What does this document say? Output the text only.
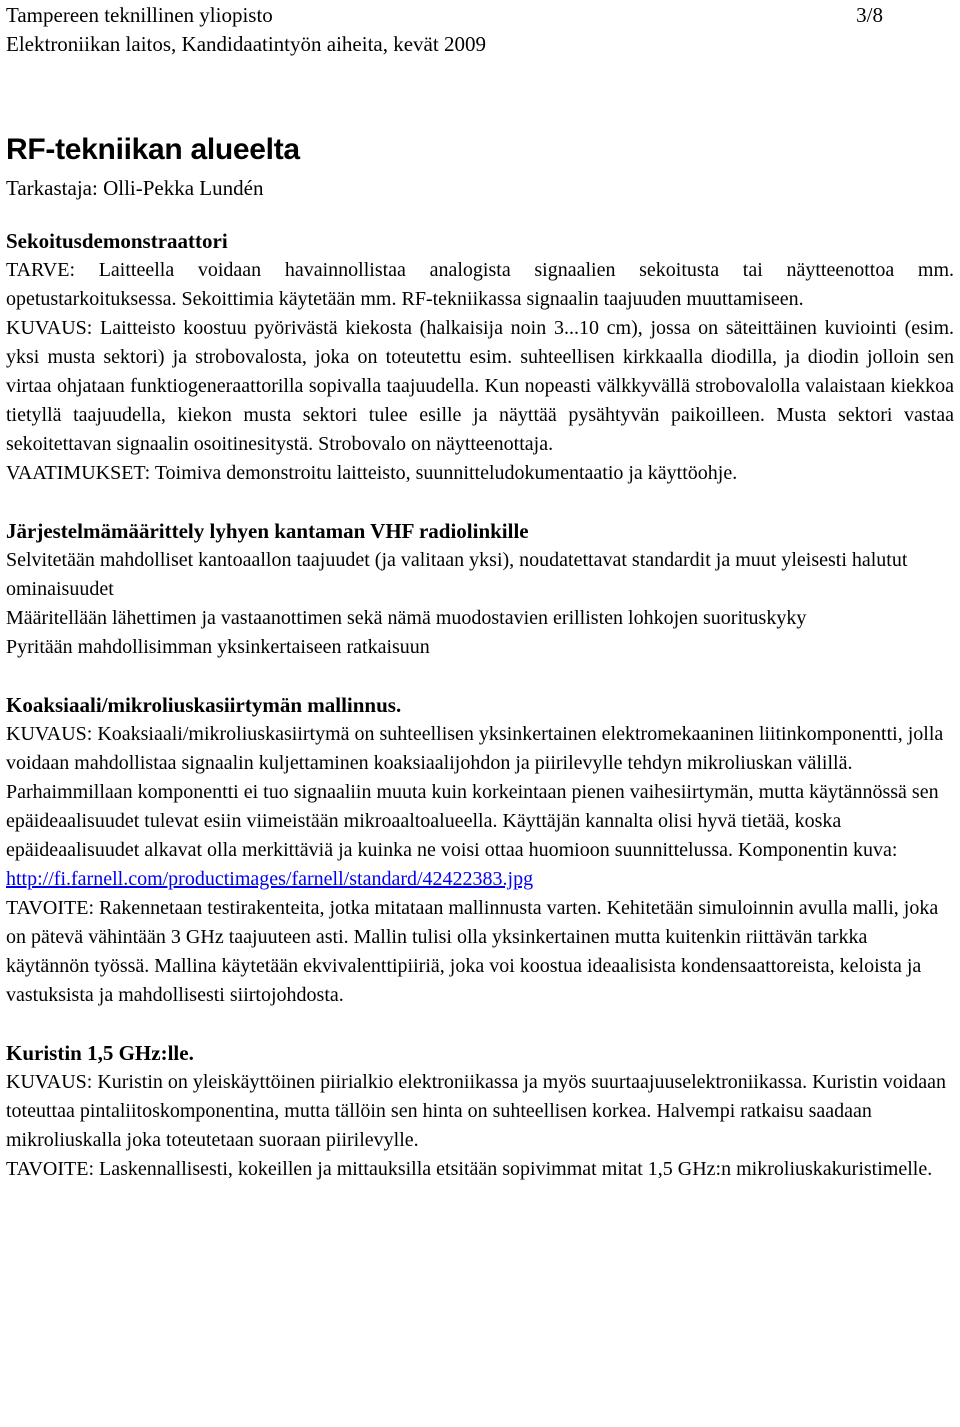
Tampereen teknillinen yliopisto
Elektroniikan laitos, Kandidaatintyön aiheita, kevät 2009
3/8
RF-tekniikan alueelta
Tarkastaja: Olli-Pekka Lundén
Sekoitusdemonstraattori
TARVE: Laitteella voidaan havainnollistaa analogista signaalien sekoitusta tai näytteenottoa mm. opetustarkoituksessa. Sekoittimia käytetään mm. RF-tekniikassa signaalin taajuuden muuttamiseen.
KUVAUS: Laitteisto koostuu pyörivästä kiekosta (halkaisija noin 3...10 cm), jossa on säteittäinen kuviointi (esim. yksi musta sektori) ja strobovalosta, joka on toteutettu esim. suhteellisen kirkkaalla diodilla, ja diodin jolloin sen virtaa ohjataan funktiogeneraattorilla sopivalla taajuudella. Kun nopeasti välkkyvällä strobovalolla valaistaan kiekkoa tietyllä taajuudella, kiekon musta sektori tulee esille ja näyttää pysähtyvän paikoilleen. Musta sektori vastaa sekoitettavan signaalin osoitinesitystä. Strobovalo on näytteenottaja.
VAATIMUKSET: Toimiva demonstroitu laitteisto, suunnitteludokumentaatio ja käyttöohje.
Järjestelmämäärittely lyhyen kantaman VHF radiolinkille
Selvitetään mahdolliset kantoaallon taajuudet (ja valitaan yksi), noudatettavat standardit ja muut yleisesti halutut ominaisuudet
Määritellään lähettimen ja vastaanottimen sekä nämä muodostavien erillisten lohkojen suorituskyky
Pyritään mahdollisimman yksinkertaiseen ratkaisuun
Koaksiaali/mikroliuskasiirtymän mallinnus.
KUVAUS: Koaksiaali/mikroliuskasiirtymä on suhteellisen yksinkertainen elektromekaaninen liitinkomponentti, jolla voidaan mahdollistaa signaalin kuljettaminen koaksiaalijohdon ja piirilevylle tehdyn mikroliuskan välillä. Parhaimmillaan komponentti ei tuo signaaliin muuta kuin korkeintaan pienen vaihesiirtymän, mutta käytännössä sen epäideaalisuudet tulevat esiin viimeistään mikroaaltoalueella. Käyttäjän kannalta olisi hyvä tietää, koska epäideaalisuudet alkavat olla merkittäviä ja kuinka ne voisi ottaa huomioon suunnittelussa. Komponentin kuva:
http://fi.farnell.com/productimages/farnell/standard/42422383.jpg
TAVOITE: Rakennetaan testirakenteita, jotka mitataan mallinnusta varten. Kehitetään simuloinnin avulla malli, joka on pätevä vähintään 3 GHz taajuuteen asti. Mallin tulisi olla yksinkertainen mutta kuitenkin riittävän tarkka käytännön työssä. Mallina käytetään ekvivalenttipiiriä, joka voi koostua ideaalisista kondensaattoreista, keloista ja vastuksista ja mahdollisesti siirtojohdosta.
Kuristin 1,5 GHz:lle.
KUVAUS: Kuristin on yleiskäyttöinen piirialkio elektroniikassa ja myös suurtaajuuselektroniikassa. Kuristin voidaan toteuttaa pintaliitoskomponentina, mutta tällöin sen hinta on suhteellisen korkea. Halvempi ratkaisu saadaan mikroliuskalla joka toteutetaan suoraan piirilevylle.
TAVOITE: Laskennallisesti, kokeillen ja mittauksilla etsitään sopivimmat mitat 1,5 GHz:n mikroliuskakuristimelle.
